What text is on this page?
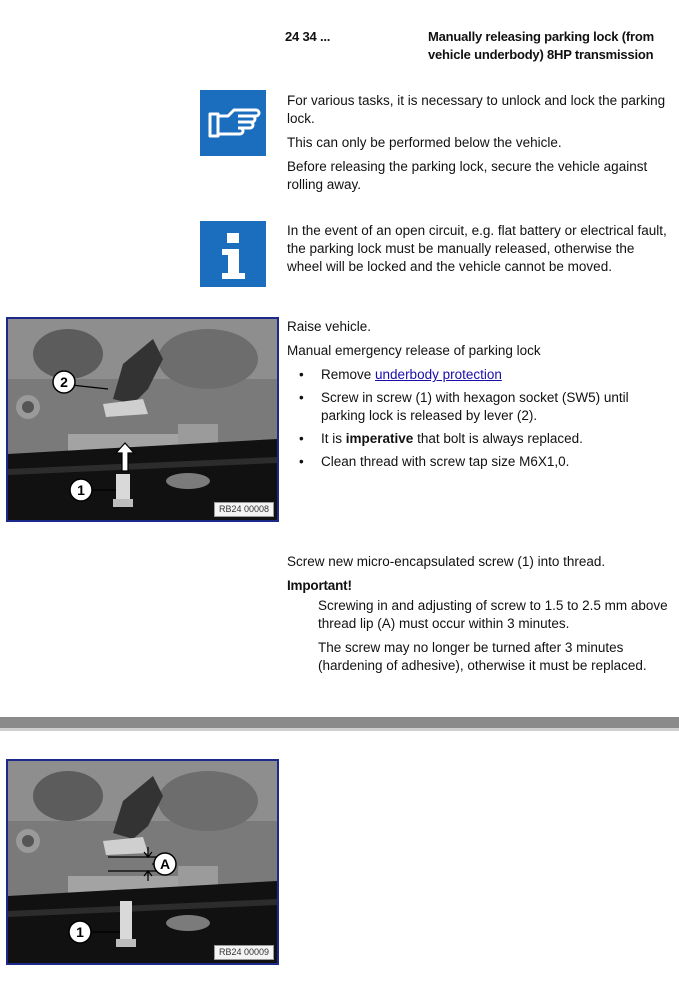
24 34 ...	Manually releasing parking lock (from
vehicle underbody) 8HP transmission

For various tasks, it is necessary to unlock and lock the parking lock.

This can only be performed below the vehicle.

Before releasing the parking lock, secure the vehicle against rolling away.

In the event of an open circuit, e.g. flat battery or electrical fault, the parking lock must be manually released, otherwise the wheel will be locked and the vehicle cannot be moved.

2
1
RB24 00008

Raise vehicle.

Manual emergency release of parking lock

• Remove underbody protection
• Screw in screw (1) with hexagon socket (SW5) until parking lock is released by lever (2).
• It is imperative that bolt is always replaced.
• Clean thread with screw tap size M6X1,0.

Screw new micro-encapsulated screw (1) into thread.

Important!

Screwing in and adjusting of screw to 1.5 to 2.5 mm above thread lip (A) must occur within 3 minutes.

The screw may no longer be turned after 3 minutes (hardening of adhesive), otherwise it must be replaced.

A
1
RB24 00009
